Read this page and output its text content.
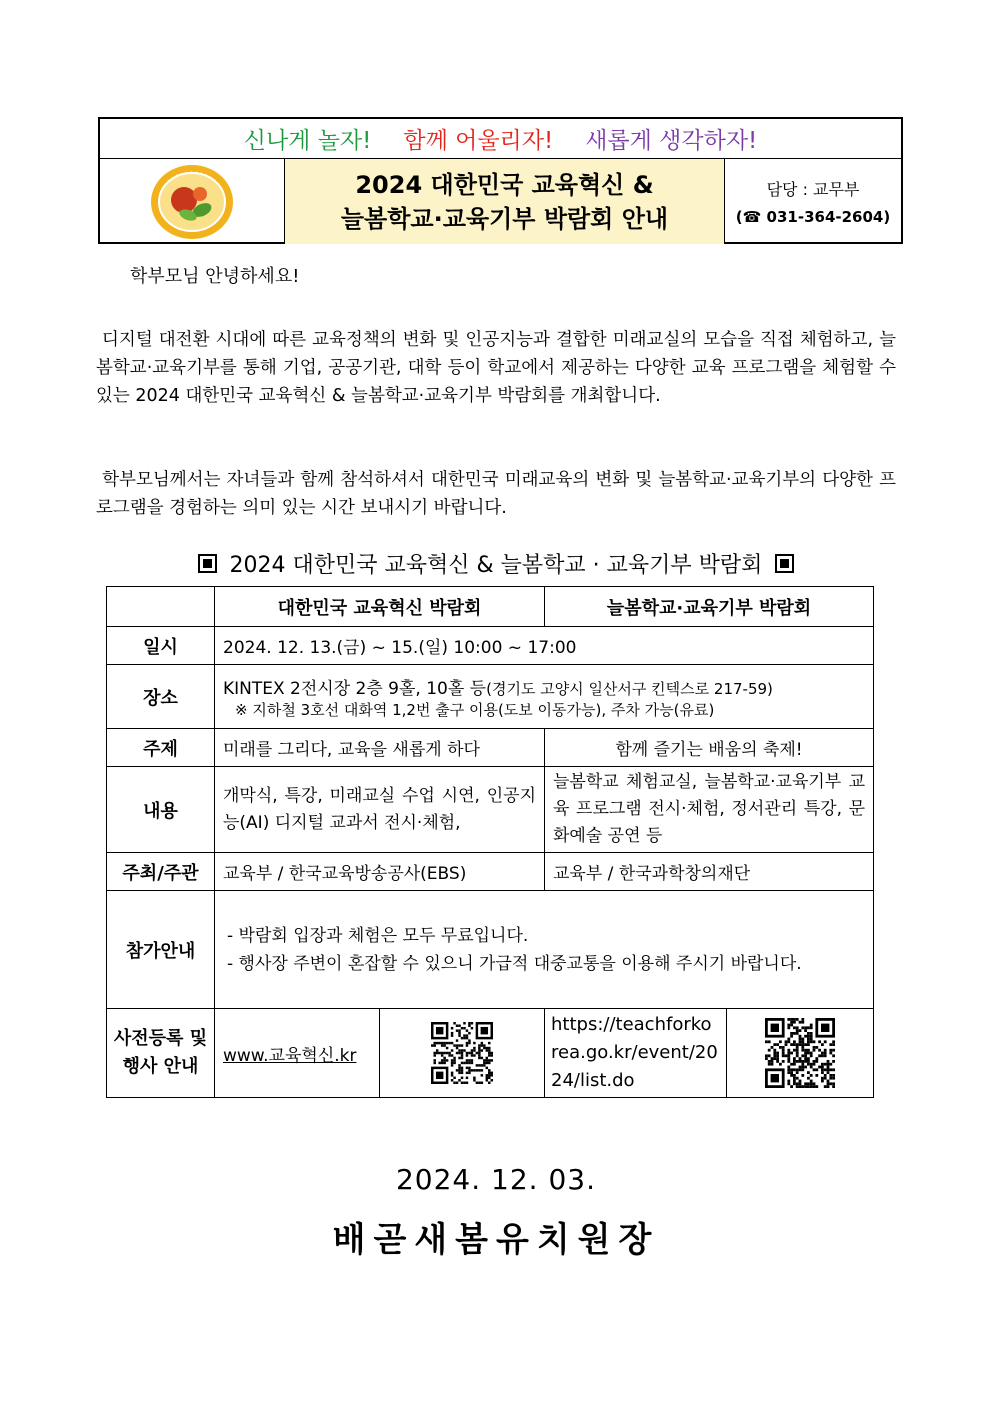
신나게 놀자! 함께 어울리자! 새롭게 생각하자!
2024 대한민국 교육혁신 &
늘봄학교·교육기부 박람회 안내
담당 : 교무부
(☎ 031-364-2604)
학부모님 안녕하세요!

디지털 대전환 시대에 따른 교육정책의 변화 및 인공지능과 결합한 미래교실의 모습을 직접 체험하고, 늘봄학교·교육기부를 통해 기업, 공공기관, 대학 등이 학교에서 제공하는 다양한 교육 프로그램을 체험할 수 있는 2024 대한민국 교육혁신 & 늘봄학교·교육기부 박람회를 개최합니다.

학부모님께서는 자녀들과 함께 참석하셔서 대한민국 미래교육의 변화 및 늘봄학교·교육기부의 다양한 프로그램을 경험하는 의미 있는 시간 보내시기 바랍니다.

2024 대한민국 교육혁신 & 늘봄학교 · 교육기부 박람회
	대한민국 교육혁신 박람회		늘봄학교·교육기부 박람회	
일시	2024. 12. 13.(금) ~ 15.(일) 10:00 ~ 17:00			
장소	KINTEX 2전시장 2층 9홀, 10홀 등(경기도 고양시 일산서구 킨텍스로 217-59)
※ 지하철 3호선 대화역 1,2번 출구 이용(도보 이동가능), 주차 가능(유료)			

주제	미래를 그리다, 교육을 새롭게 하다		함께 즐기는 배움의 축제!	
내용	개막식, 특강, 미래교실 수업 시연, 인공지능(AI) 디지털 교과서 전시·체험,		늘봄학교 체험교실, 늘봄학교·교육기부 교육 프로그램 전시·체험, 정서관리 특강, 문화예술 공연 등	
주최/주관	교육부 / 한국교육방송공사(EBS)		교육부 / 한국과학창의재단	
참가안내	- 박람회 입장과 체험은 모두 무료입니다.
- 행사장 주변이 혼잡할 수 있으니 가급적 대중교통을 이용해 주시기 바랍니다.			

사전등록 및
행사 안내	www.교육혁신.kr		https://teachforkorea.go.kr/event/2024/list.do	
2024. 12. 03.
배곧새봄유치원장
